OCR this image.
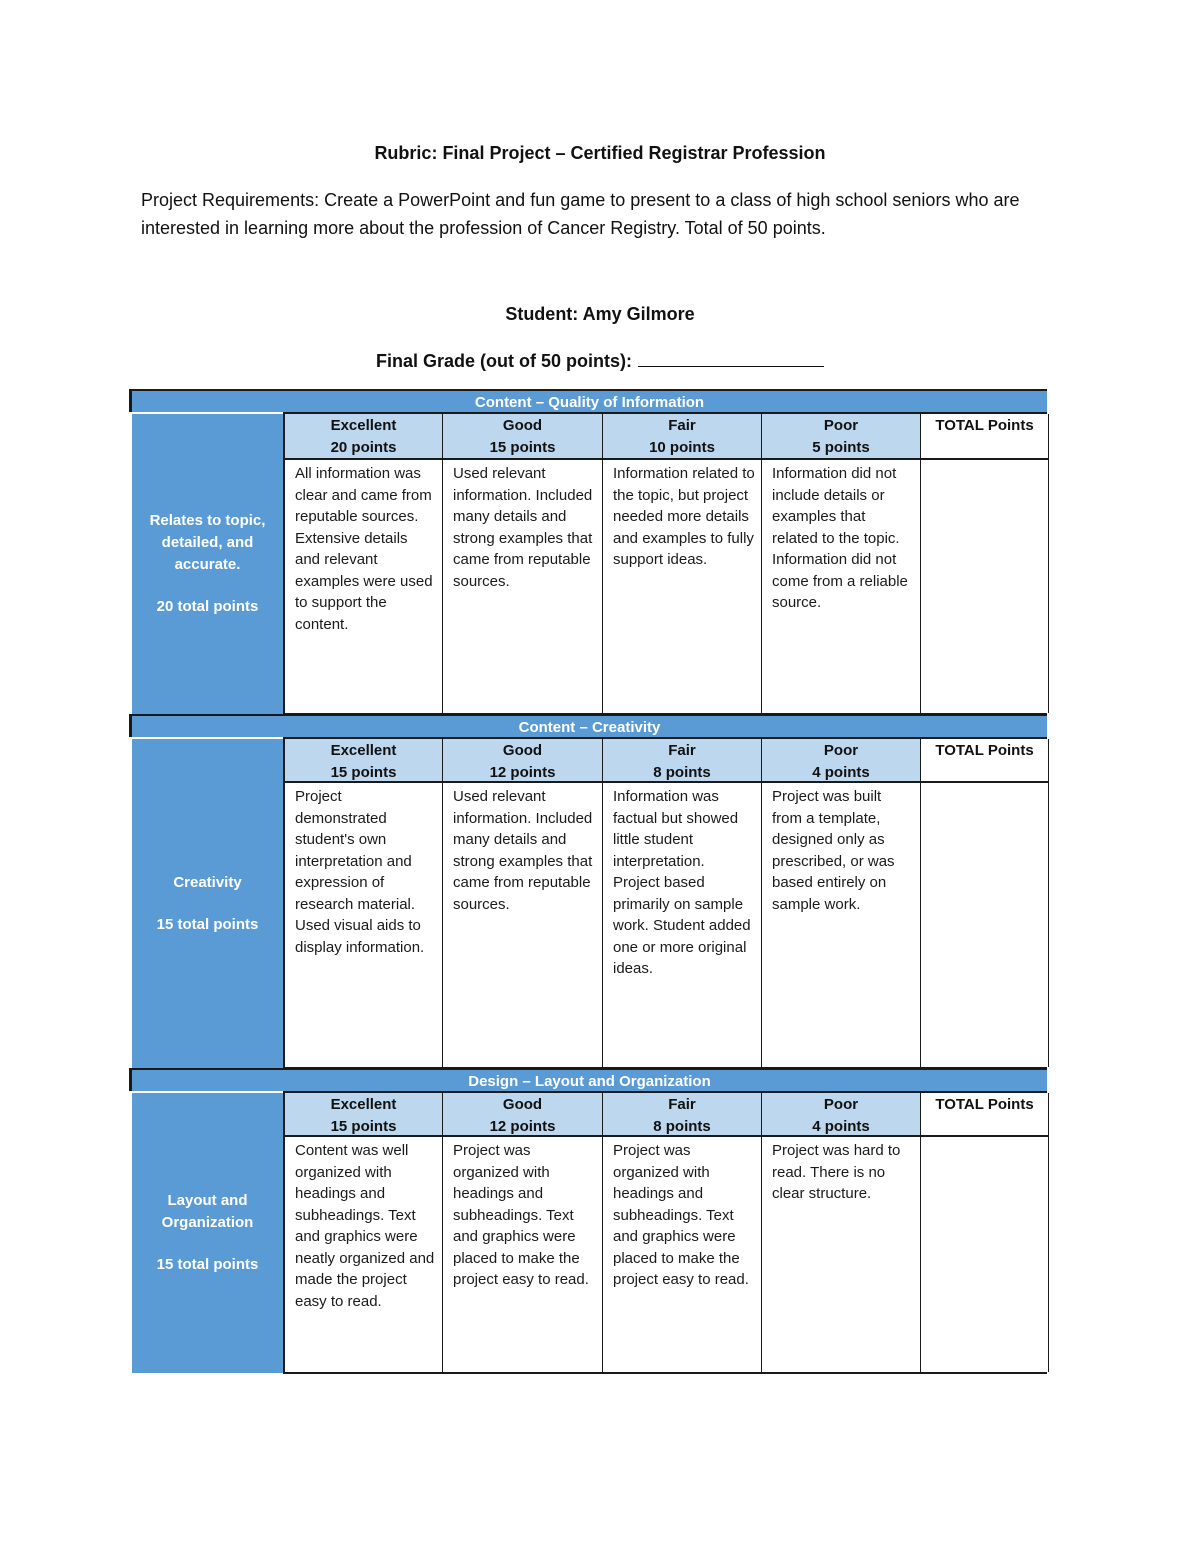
Rubric: Final Project – Certified Registrar Profession
Project Requirements: Create a PowerPoint and fun game to present to a class of high school seniors who are interested in learning more about the profession of Cancer Registry. Total of 50 points.
Student: Amy Gilmore
Final Grade (out of 50 points):
Content – Quality of Information
Relates to topic, detailed, and accurate.
20 total points
Excellent
20 points
Good
15 points
Fair
10 points
Poor
5 points
TOTAL Points
All information was clear and came from reputable sources. Extensive details and relevant examples were used to support the content.
Used relevant information. Included many details and strong examples that came from reputable sources.
Information related to the topic, but project needed more details and examples to fully support ideas.
Information did not include details or examples that related to the topic. Information did not come from a reliable source.
Content – Creativity
Creativity
15 total points
Excellent
15 points
Good
12 points
Fair
8 points
Poor
4 points
TOTAL Points
Project demonstrated student's own interpretation and expression of research material. Used visual aids to display information.
Used relevant information. Included many details and strong examples that came from reputable sources.
Information was factual but showed little student interpretation. Project based primarily on sample work. Student added one or more original ideas.
Project was built from a template, designed only as prescribed, or was based entirely on sample work.
Design – Layout and Organization
Layout and Organization
15 total points
Excellent
15 points
Good
12 points
Fair
8 points
Poor
4 points
TOTAL Points
Content was well organized with headings and subheadings. Text and graphics were neatly organized and made the project easy to read.
Project was organized with headings and subheadings. Text and graphics were placed to make the project easy to read.
Project was organized with headings and subheadings. Text and graphics were placed to make the project easy to read.
Project was hard to read. There is no clear structure.
